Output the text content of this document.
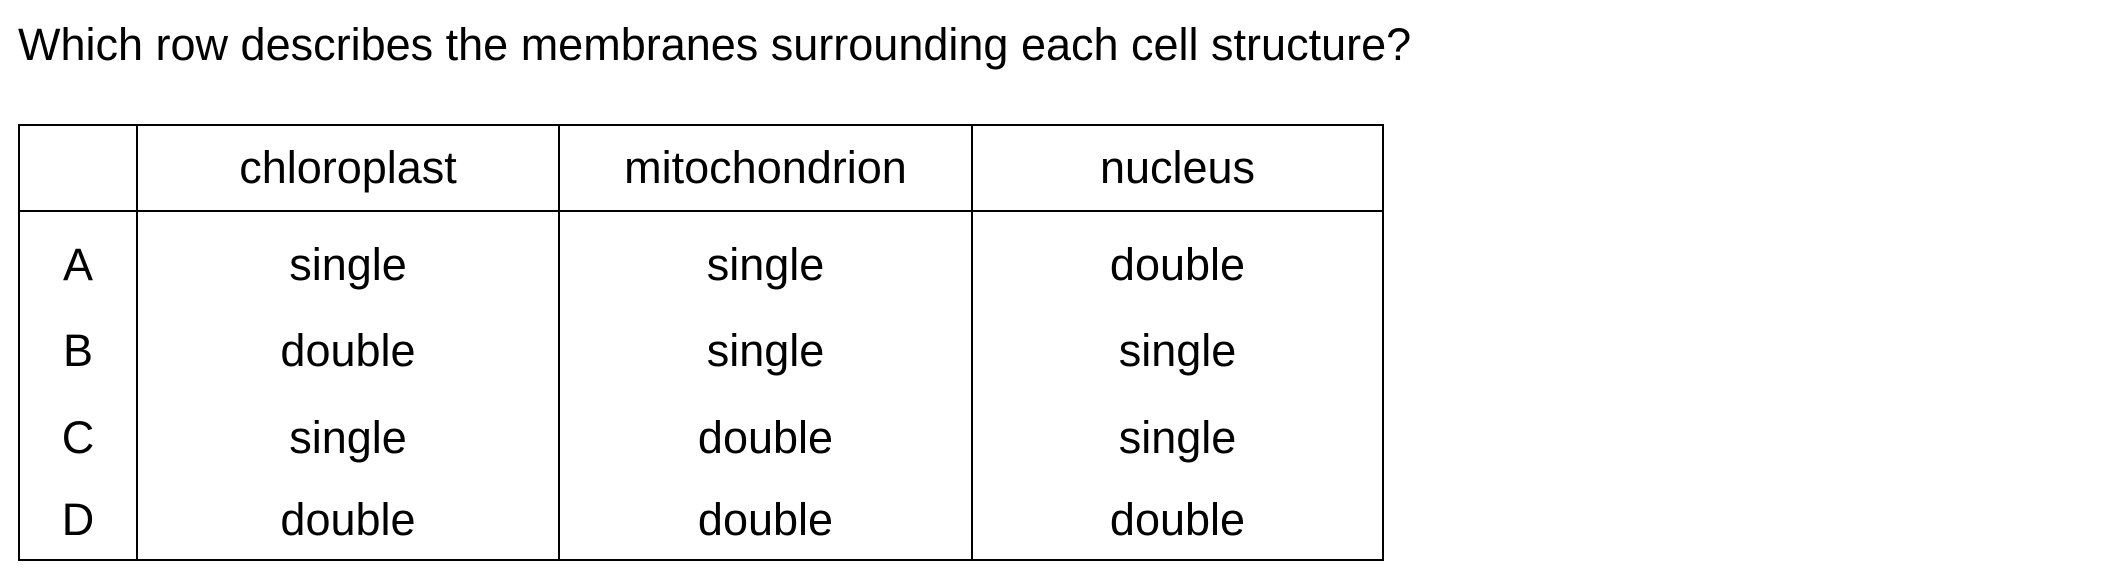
Which row describes the membranes surrounding each cell structure?
	chloroplast	mitochondrion	nucleus
A	single	single	double
B	double	single	single
C	single	double	single
D	double	double	double
